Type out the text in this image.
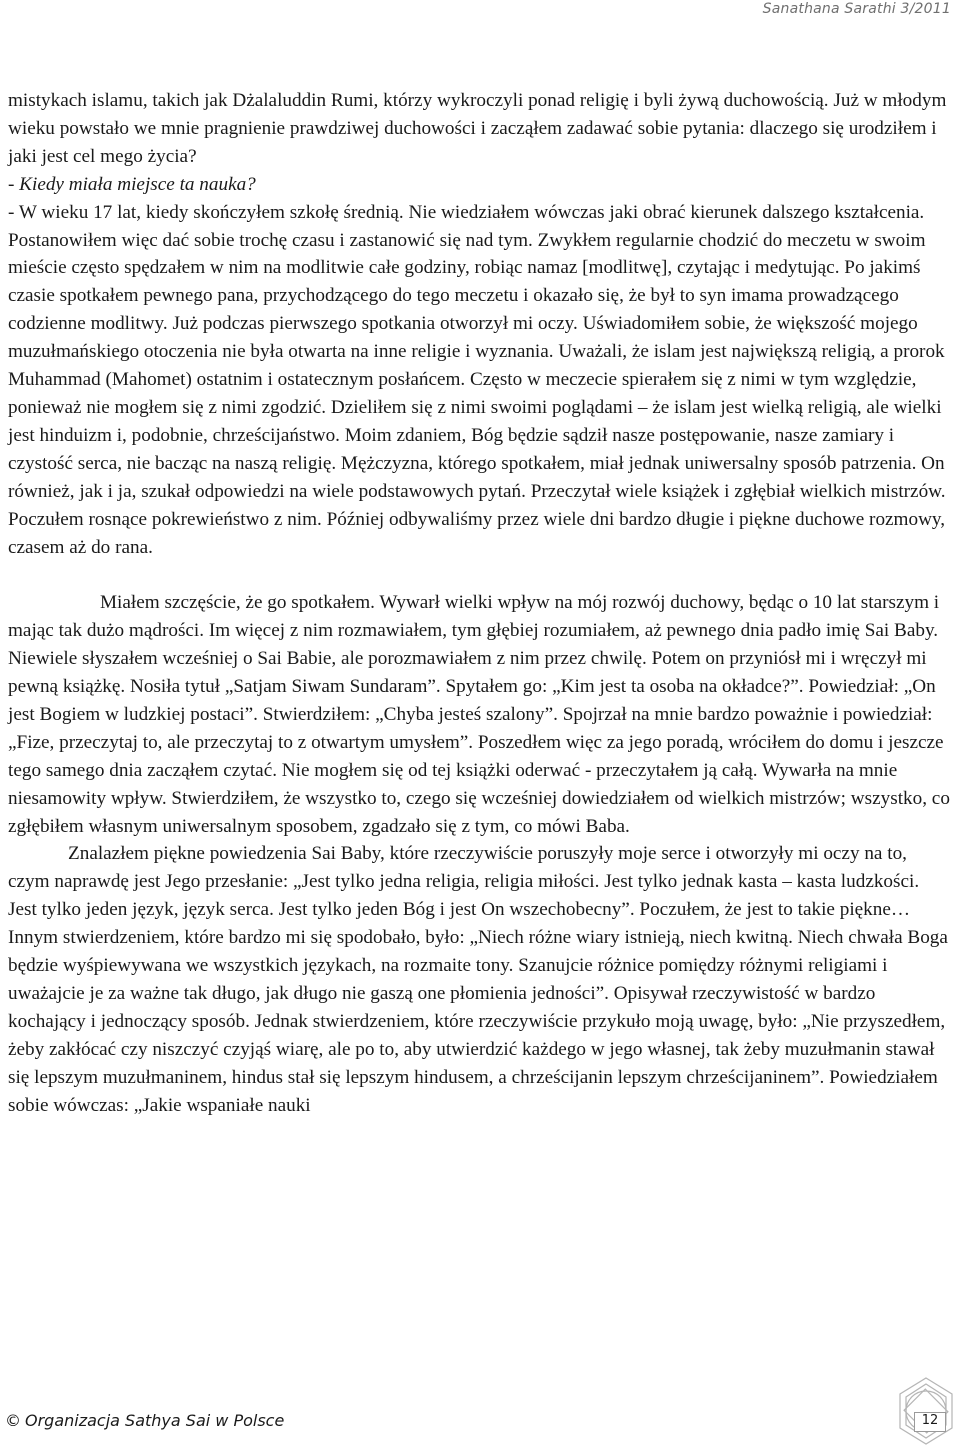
Sanathana Sarathi 3/2011

mistykach islamu, takich jak Dżalaluddin Rumi, którzy wykroczyli ponad religię i byli żywą duchowością. Już w młodym wieku powstało we mnie pragnienie prawdziwej duchowości i zacząłem zadawać sobie pytania: dlaczego się urodziłem i jaki jest cel mego życia?

- Kiedy miała miejsce ta nauka?

- W wieku 17 lat, kiedy skończyłem szkołę średnią. Nie wiedziałem wówczas jaki obrać kierunek dalszego kształcenia. Postanowiłem więc dać sobie trochę czasu i zastanowić się nad tym. Zwykłem regularnie chodzić do meczetu w swoim mieście często spędzałem w nim na modlitwie całe godziny, robiąc namaz [modlitwę], czytając i medytując. Po jakimś czasie spotkałem pewnego pana, przychodzącego do tego meczetu i okazało się, że był to syn imama prowadzącego codzienne modlitwy. Już podczas pierwszego spotkania otworzył mi oczy. Uświadomiłem sobie, że większość mojego muzułmańskiego otoczenia nie była otwarta na inne religie i wyznania. Uważali, że islam jest największą religią, a prorok Muhammad (Mahomet) ostatnim i ostatecznym posłańcem. Często w meczecie spierałem się z nimi w tym względzie, ponieważ nie mogłem się z nimi zgodzić. Dzieliłem się z nimi swoimi poglądami – że islam jest wielką religią, ale wielki jest hinduizm i, podobnie, chrześcijaństwo. Moim zdaniem, Bóg będzie sądził nasze postępowanie, nasze zamiary i czystość serca, nie bacząc na naszą religię. Mężczyzna, którego spotkałem, miał jednak uniwersalny sposób patrzenia. On również, jak i ja, szukał odpowiedzi na wiele podstawowych pytań. Przeczytał wiele książek i zgłębiał wielkich mistrzów. Poczułem rosnące pokrewieństwo z nim. Później odbywaliśmy przez wiele dni bardzo długie i piękne duchowe rozmowy, czasem aż do rana.

Miałem szczęście, że go spotkałem. Wywarł wielki wpływ na mój rozwój duchowy, będąc o 10 lat starszym i mając tak dużo mądrości. Im więcej z nim rozmawiałem, tym głębiej rozumiałem, aż pewnego dnia padło imię Sai Baby. Niewiele słyszałem wcześniej o Sai Babie, ale porozmawiałem z nim przez chwilę. Potem on przyniósł mi i wręczył mi pewną książkę. Nosiła tytuł „Satjam Siwam Sundaram”. Spytałem go: „Kim jest ta osoba na okładce?”. Powiedział: „On jest Bogiem w ludzkiej postaci”. Stwierdziłem: „Chyba jesteś szalony”. Spojrzał na mnie bardzo poważnie i powiedział: „Fize, przeczytaj to, ale przeczytaj to z otwartym umysłem”. Poszedłem więc za jego poradą, wróciłem do domu i jeszcze tego samego dnia zacząłem czytać. Nie mogłem się od tej książki oderwać - przeczytałem ją całą. Wywarła na mnie niesamowity wpływ. Stwierdziłem, że wszystko to, czego się wcześniej dowiedziałem od wielkich mistrzów; wszystko, co zgłębiłem własnym uniwersalnym sposobem, zgadzało się z tym, co mówi Baba.

Znalazłem piękne powiedzenia Sai Baby, które rzeczywiście poruszyły moje serce i otworzyły mi oczy na to, czym naprawdę jest Jego przesłanie: „Jest tylko jedna religia, religia miłości. Jest tylko jednak kasta – kasta ludzkości. Jest tylko jeden język, język serca. Jest tylko jeden Bóg i jest On wszechobecny”. Poczułem, że jest to takie piękne… Innym stwierdzeniem, które bardzo mi się spodobało, było: „Niech różne wiary istnieją, niech kwitną. Niech chwała Boga będzie wyśpiewywana we wszystkich językach, na rozmaite tony. Szanujcie różnice pomiędzy różnymi religiami i uważajcie je za ważne tak długo, jak długo nie gaszą one płomienia jedności”. Opisywał rzeczywistość w bardzo kochający i jednoczący sposób. Jednak stwierdzeniem, które rzeczywiście przykuło moją uwagę, było: „Nie przyszedłem, żeby zakłócać czy niszczyć czyjąś wiarę, ale po to, aby utwierdzić każdego w jego własnej, tak żeby muzułmanin stawał się lepszym muzułmaninem, hindus stał się lepszym hindusem, a chrześcijanin lepszym chrześcijaninem”. Powiedziałem sobie wówczas: „Jakie wspaniałe nauki

© Organizacja Sathya Sai w Polsce	12
